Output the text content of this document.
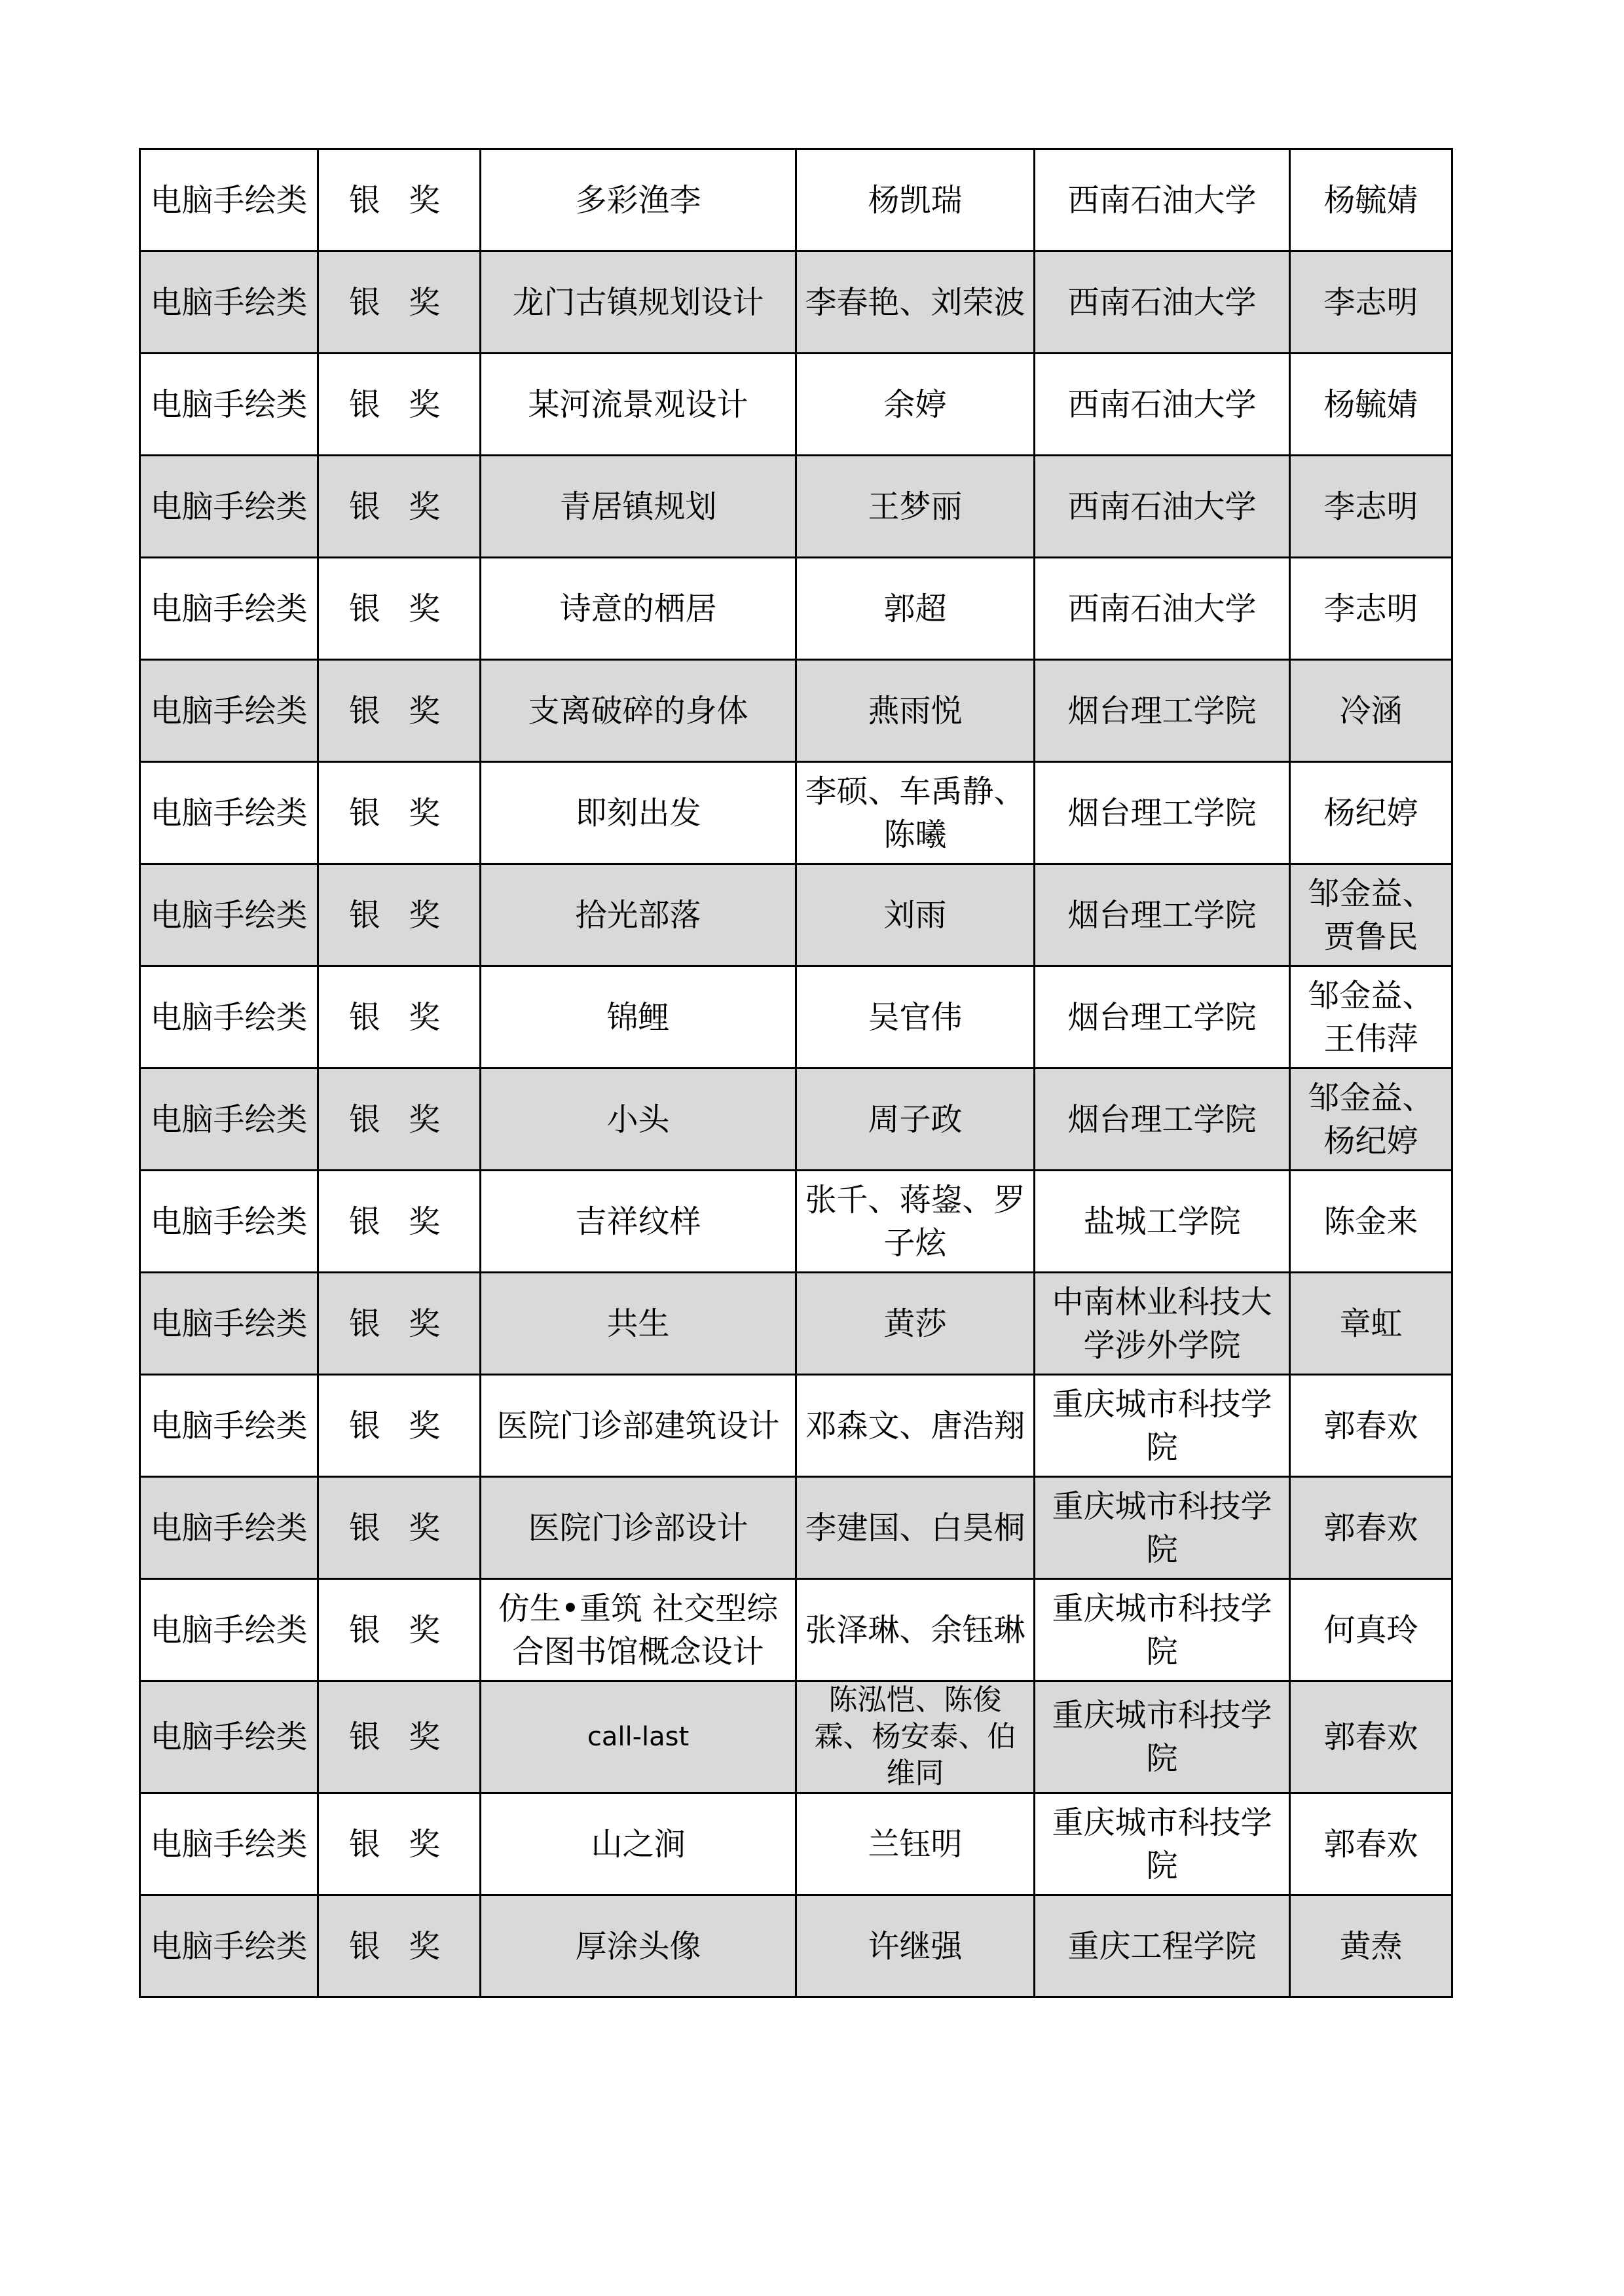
电脑手绘类	银 奖	多彩渔李	杨凯瑞	西南石油大学	杨毓婧

电脑手绘类	银 奖	龙门古镇规划设计	李春艳、刘荣波	西南石油大学	李志明

电脑手绘类	银 奖	某河流景观设计	余婷	西南石油大学	杨毓婧

电脑手绘类	银 奖	青居镇规划	王梦丽	西南石油大学	李志明

电脑手绘类	银 奖	诗意的栖居	郭超	西南石油大学	李志明

电脑手绘类	银 奖	支离破碎的身体	燕雨悦	烟台理工学院	冷涵

电脑手绘类	银 奖	即刻出发	李硕、车禹静、陈曦	烟台理工学院	杨纪婷

电脑手绘类	银 奖	拾光部落	刘雨	烟台理工学院	邹金益、贾鲁民

电脑手绘类	银 奖	锦鲤	吴官伟	烟台理工学院	邹金益、王伟萍

电脑手绘类	银 奖	小头	周子政	烟台理工学院	邹金益、杨纪婷

电脑手绘类	银 奖	吉祥纹样	张千、蒋鋆、罗子炫	盐城工学院	陈金来

电脑手绘类	银 奖	共生	黄莎	中南林业科技大学涉外学院	章虹

电脑手绘类	银 奖	医院门诊部建筑设计	邓森文、唐浩翔	重庆城市科技学院	郭春欢

电脑手绘类	银 奖	医院门诊部设计	李建国、白昊桐	重庆城市科技学院	郭春欢

电脑手绘类	银 奖	仿生•重筑 社交型综合图书馆概念设计	张泽琳、余钰琳	重庆城市科技学院	何真玲

电脑手绘类	银 奖	call-last	陈泓恺、陈俊霖、杨安泰、伯维同	重庆城市科技学院	郭春欢

电脑手绘类	银 奖	山之涧	兰钰明	重庆城市科技学院	郭春欢

电脑手绘类	银 奖	厚涂头像	许继强	重庆工程学院	黄焘
